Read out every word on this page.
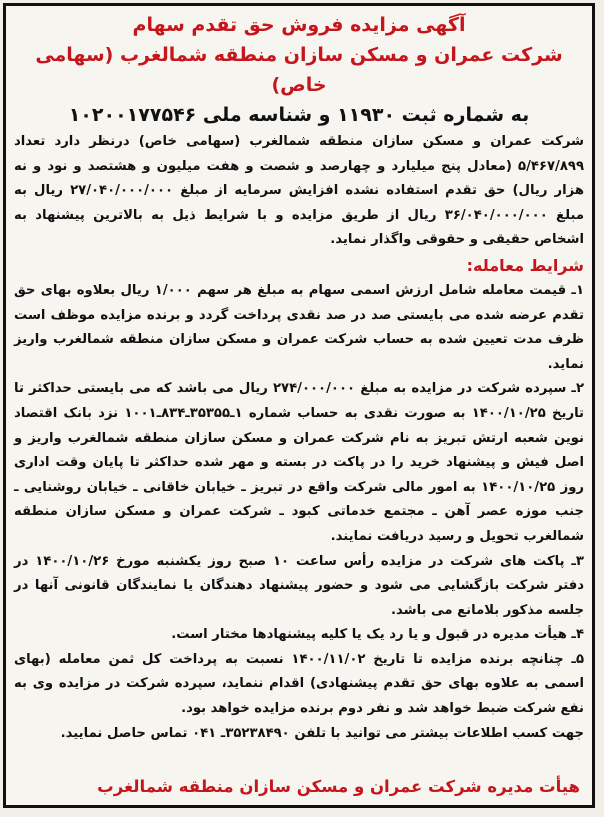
آگهی مزایده فروش حق تقدم سهام
شرکت عمران و مسکن سازان منطقه شمالغرب (سهامی خاص)
به شماره ثبت ۱۱۹۳۰ و شناسه ملی ۱۰۲۰۰۱۷۷۵۴۶

شرکت عمران و مسکن سازان منطقه شمالغرب (سهامی خاص) درنظر دارد تعداد ۵/۴۶۷/۸۹۹ (معادل پنج میلیارد و چهارصد و شصت و هفت میلیون و هشتصد و نود و نه هزار ریال) حق تقدم استفاده نشده افزایش سرمایه از مبلغ ۲۷/۰۴۰/۰۰۰/۰۰۰ ریال به مبلغ ۳۶/۰۴۰/۰۰۰/۰۰۰ ریال از طریق مزایده و با شرایط ذیل به بالاترین پیشنهاد به اشخاص حقیقی و حقوقی واگذار نماید.

شرایط معامله:

۱ـ قیمت معامله شامل ارزش اسمی سهام به مبلغ هر سهم ۱/۰۰۰ ریال بعلاوه بهای حق تقدم عرضه شده می بایستی صد در صد نقدی پرداخت گردد و برنده مزایده موظف است ظرف مدت تعیین شده به حساب شرکت عمران و مسکن سازان منطقه شمالغرب واریز نماید.

۲ـ سپرده شرکت در مزایده به مبلغ ۲۷۴/۰۰۰/۰۰۰ ریال می باشد که می بایستی حداکثر تا تاریخ ۱۴۰۰/۱۰/۲۵ به صورت نقدی به حساب شماره ۱ـ۳۵۳۵۵ـ۸۳۴ـ۱۰۰۱ نزد بانک اقتصاد نوین شعبه ارتش تبریز به نام شرکت عمران و مسکن سازان منطقه شمالغرب واریز و اصل فیش و پیشنهاد خرید را در پاکت در بسته و مهر شده حداکثر تا پایان وقت اداری روز ۱۴۰۰/۱۰/۲۵ به امور مالی شرکت واقع در تبریز ـ خیابان خاقانی ـ خیابان روشنایی ـ جنب موزه عصر آهن ـ مجتمع خدماتی کبود ـ شرکت عمران و مسکن سازان منطقه شمالغرب تحویل و رسید دریافت نمایند.

۳ـ پاکت های شرکت در مزایده رأس ساعت ۱۰ صبح روز یکشنبه مورخ ۱۴۰۰/۱۰/۲۶ در دفتر شرکت بازگشایی می شود و حضور پیشنهاد دهندگان یا نمایندگان قانونی آنها در جلسه مذکور بلامانع می باشد.

۴ـ هیأت مدیره در قبول و یا رد یک یا کلیه پیشنهادها مختار است.

۵ـ چنانچه برنده مزایده تا تاریخ ۱۴۰۰/۱۱/۰۲ نسبت به پرداخت کل ثمن معامله (بهای اسمی به علاوه بهای حق تقدم پیشنهادی) اقدام ننماید، سپرده شرکت در مزایده وی به نفع شرکت ضبط خواهد شد و نفر دوم برنده مزایده خواهد بود.

جهت کسب اطلاعات بیشتر می توانید با تلفن ۳۵۲۳۸۴۹۰ـ ۰۴۱ تماس حاصل نمایید.

هیأت مدیره شرکت عمران و مسکن سازان منطقه شمالغرب
